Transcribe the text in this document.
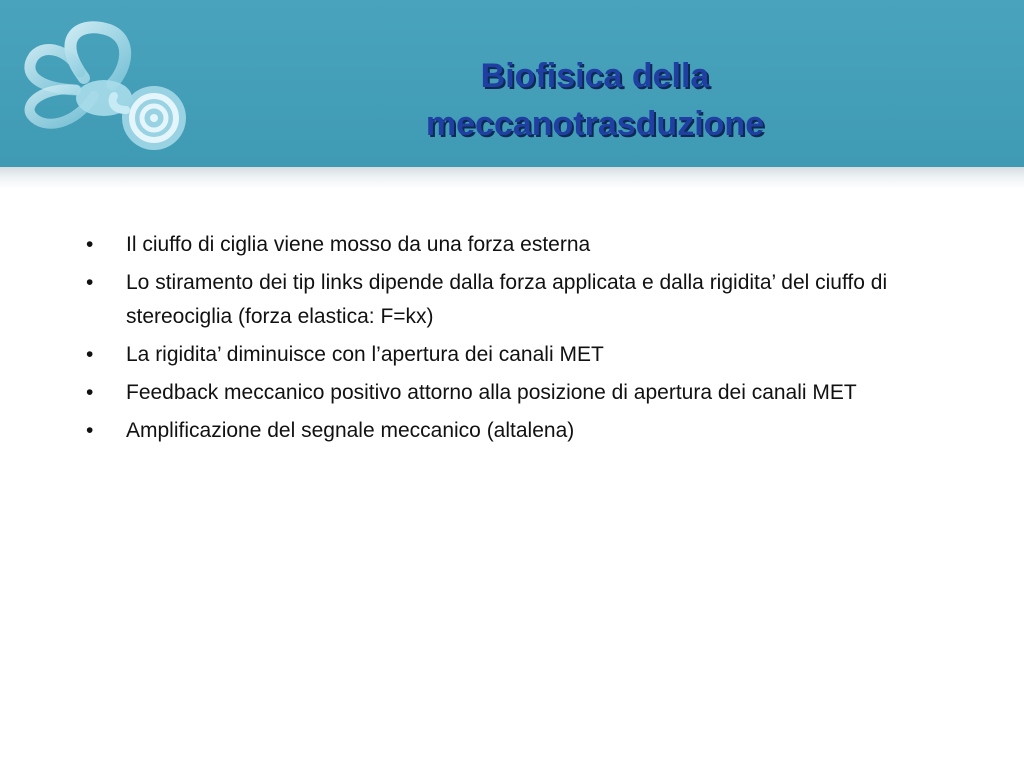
Biofisica della
meccanotrasduzione
•	Il ciuffo di ciglia viene mosso da una forza esterna
•	Lo stiramento dei tip links dipende dalla forza applicata e dalla rigidita’ del ciuffo di stereociglia (forza elastica: F=kx)
•	La rigidita’ diminuisce con l’apertura dei canali MET
•	Feedback meccanico positivo attorno alla posizione di apertura dei canali MET
•	Amplificazione del segnale meccanico (altalena)
